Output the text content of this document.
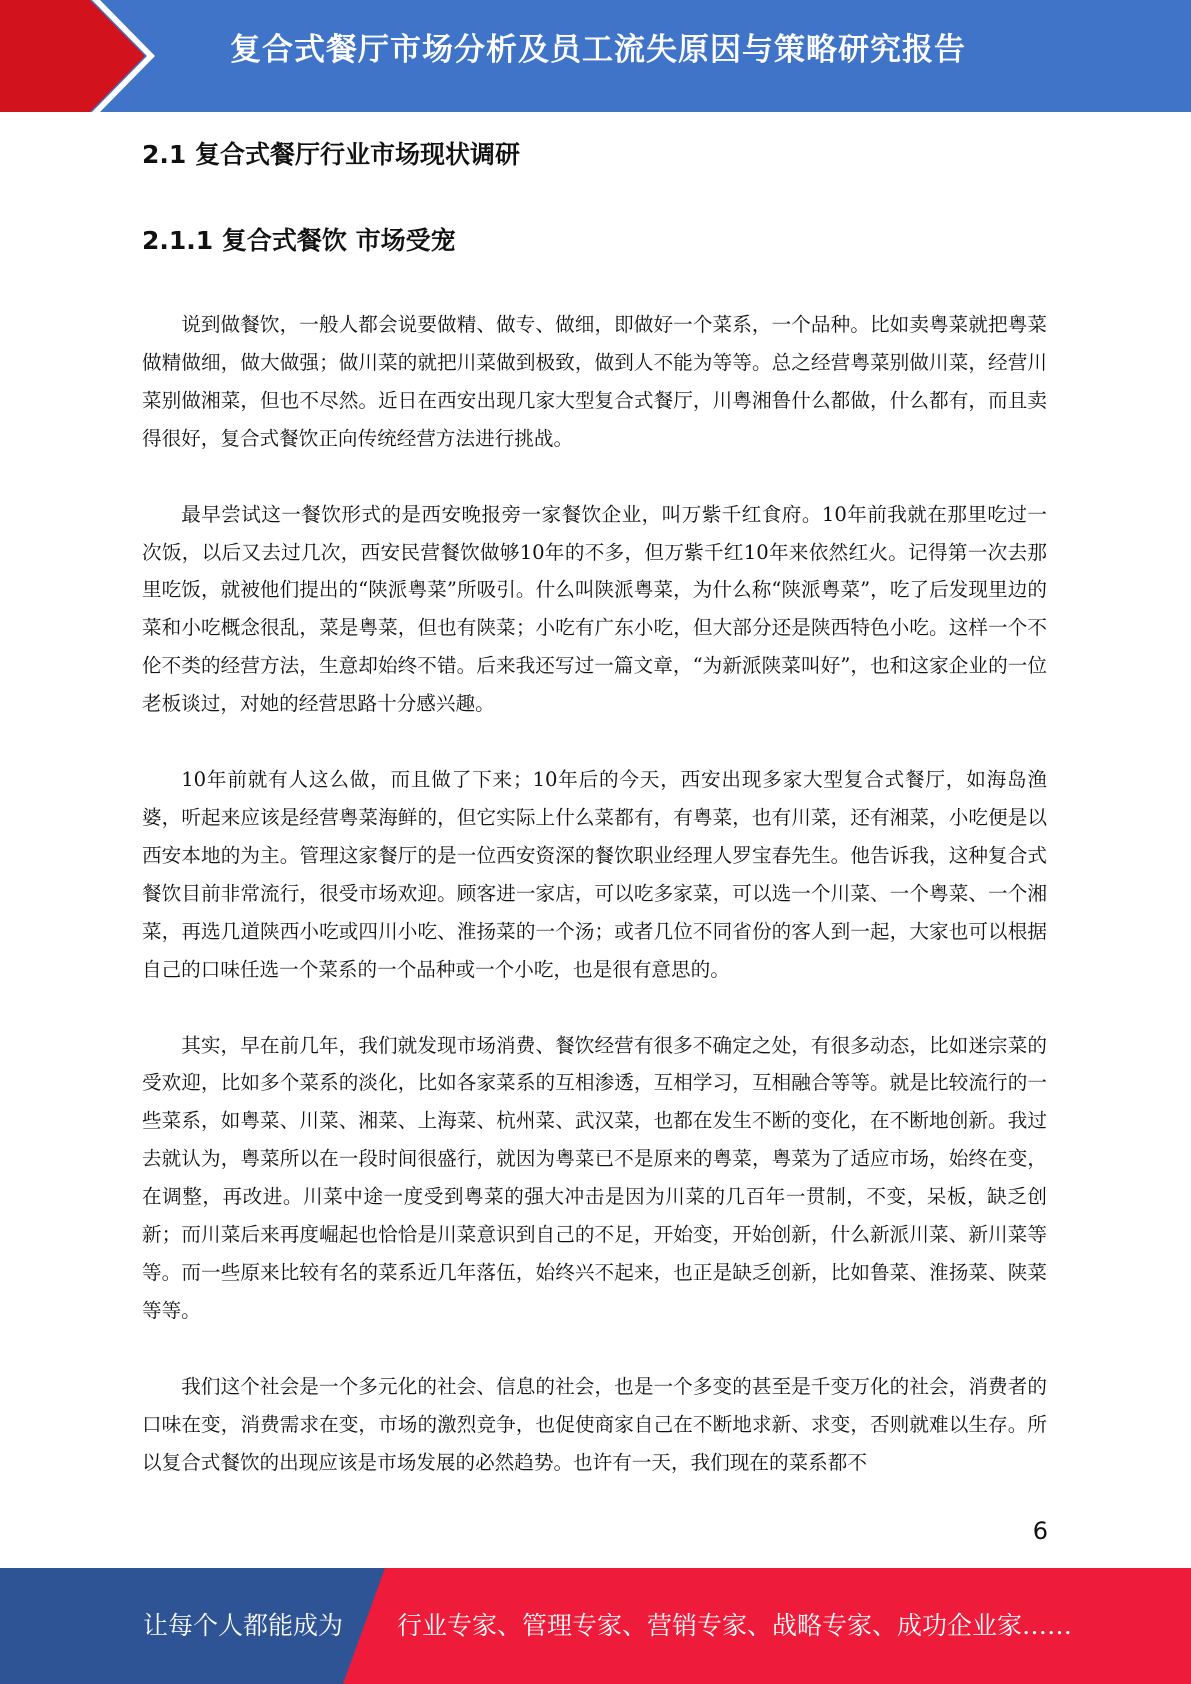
复合式餐厅市场分析及员工流失原因与策略研究报告
2.1 复合式餐厅行业市场现状调研
2.1.1 复合式餐饮 市场受宠

说到做餐饮，一般人都会说要做精、做专、做细，即做好一个菜系，一个品种。比如卖粤菜就把粤菜做精做细，做大做强；做川菜的就把川菜做到极致，做到人不能为等等。总之经营粤菜别做川菜，经营川菜别做湘菜，但也不尽然。近日在西安出现几家大型复合式餐厅，川粤湘鲁什么都做，什么都有，而且卖得很好，复合式餐饮正向传统经营方法进行挑战。

最早尝试这一餐饮形式的是西安晚报旁一家餐饮企业，叫万紫千红食府。10年前我就在那里吃过一次饭，以后又去过几次，西安民营餐饮做够10年的不多，但万紫千红10年来依然红火。记得第一次去那里吃饭，就被他们提出的“陕派粤菜”所吸引。什么叫陕派粤菜，为什么称“陕派粤菜”，吃了后发现里边的菜和小吃概念很乱，菜是粤菜，但也有陕菜；小吃有广东小吃，但大部分还是陕西特色小吃。这样一个不伦不类的经营方法，生意却始终不错。后来我还写过一篇文章，“为新派陕菜叫好”，也和这家企业的一位老板谈过，对她的经营思路十分感兴趣。

10年前就有人这么做，而且做了下来；10年后的今天，西安出现多家大型复合式餐厅，如海岛渔婆，听起来应该是经营粤菜海鲜的，但它实际上什么菜都有，有粤菜，也有川菜，还有湘菜，小吃便是以西安本地的为主。管理这家餐厅的是一位西安资深的餐饮职业经理人罗宝春先生。他告诉我，这种复合式餐饮目前非常流行，很受市场欢迎。顾客进一家店，可以吃多家菜，可以选一个川菜、一个粤菜、一个湘菜，再选几道陕西小吃或四川小吃、淮扬菜的一个汤；或者几位不同省份的客人到一起，大家也可以根据自己的口味任选一个菜系的一个品种或一个小吃，也是很有意思的。

其实，早在前几年，我们就发现市场消费、餐饮经营有很多不确定之处，有很多动态，比如迷宗菜的受欢迎，比如多个菜系的淡化，比如各家菜系的互相渗透，互相学习，互相融合等等。就是比较流行的一些菜系，如粤菜、川菜、湘菜、上海菜、杭州菜、武汉菜，也都在发生不断的变化，在不断地创新。我过去就认为，粤菜所以在一段时间很盛行，就因为粤菜已不是原来的粤菜，粤菜为了适应市场，始终在变，在调整，再改进。川菜中途一度受到粤菜的强大冲击是因为川菜的几百年一贯制，不变，呆板，缺乏创新；而川菜后来再度崛起也恰恰是川菜意识到自己的不足，开始变，开始创新，什么新派川菜、新川菜等等。而一些原来比较有名的菜系近几年落伍，始终兴不起来，也正是缺乏创新，比如鲁菜、淮扬菜、陕菜等等。

我们这个社会是一个多元化的社会、信息的社会，也是一个多变的甚至是千变万化的社会，消费者的口味在变，消费需求在变，市场的激烈竞争，也促使商家自己在不断地求新、求变，否则就难以生存。所以复合式餐饮的出现应该是市场发展的必然趋势。也许有一天，我们现在的菜系都不

6
让每个人都能成为 行业专家、管理专家、营销专家、战略专家、成功企业家……
